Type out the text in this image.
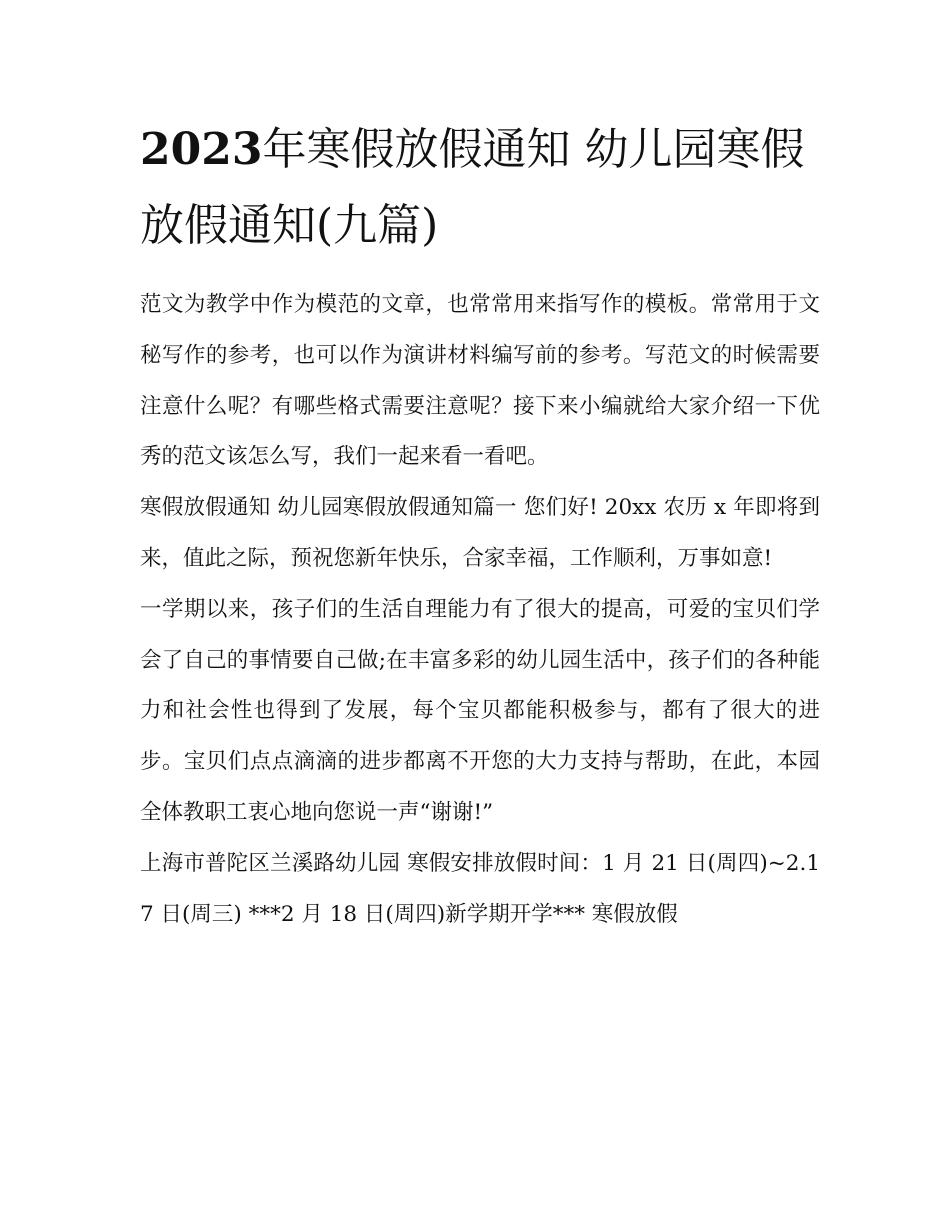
2023年寒假放假通知 幼儿园寒假放假通知(九篇)

范文为教学中作为模范的文章，也常常用来指写作的模板。常常用于文秘写作的参考，也可以作为演讲材料编写前的参考。写范文的时候需要注意什么呢？有哪些格式需要注意呢？接下来小编就给大家介绍一下优秀的范文该怎么写，我们一起来看一看吧。

寒假放假通知 幼儿园寒假放假通知篇一 您们好! 20xx 农历 x 年即将到来，值此之际，预祝您新年快乐，合家幸福，工作顺利，万事如意!

一学期以来，孩子们的生活自理能力有了很大的提高，可爱的宝贝们学会了自己的事情要自己做;在丰富多彩的幼儿园生活中，孩子们的各种能力和社会性也得到了发展，每个宝贝都能积极参与，都有了很大的进步。宝贝们点点滴滴的进步都离不开您的大力支持与帮助，在此，本园全体教职工衷心地向您说一声“谢谢!”

上海市普陀区兰溪路幼儿园 寒假安排放假时间：1 月 21 日(周四)~2.17 日(周三) ***2 月 18 日(周四)新学期开学*** 寒假放假
